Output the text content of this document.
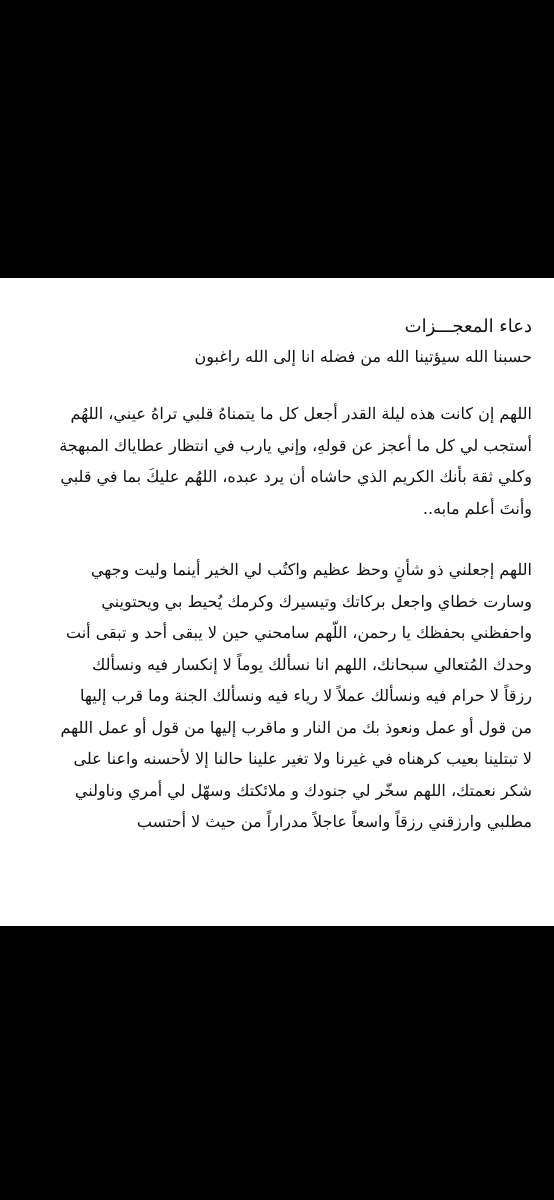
دعاء المعجـــزات

حسبنا الله سيؤتينا الله من فضله انا إلى الله راغبون

اللهم إن كانت هذه ليلة القدر أجعل كل ما يتمناهُ قلبي تراهُ عيني، اللهُم
أستجب لي كل ما أعجز عن قولهِ، وإني يارب في انتظار عطاياك المبهجة
وكلي ثقة بأنك الكريم الذي حاشاه أن يرد عبده، اللهُم عليكَ بما في قلبي
وأنتَ أعلم مابه..

اللهم إجعلني ذو شأنٍ وحظ عظيم واكتُب لي الخير أينما وليت وجهي
وسارت خطاي واجعل بركاتك وتيسيرك وكرمك يُحيط بي ويحتويني
واحفظني بحفظك يا رحمن، اللّهم سامحني حين لا يبقى أحد و تبقى أنت
وحدك المُتعالي سبحانك، اللهم انا نسألك يوماً لا إنكسار فيه ونسألك
رزقاً لا حرام فيه ونسألك عملاً لا رياء فيه ونسألك الجنة وما قرب إليها
من قول أو عمل ونعوذ بك من النار و ماقرب إليها من قول أو عمل اللهم
لا تبتلينا بعيب كرهناه في غيرنا ولا تغير علينا حالنا إلا لأحسنه واعنا على
شكر نعمتك، اللهم سخّر لي جنودك و ملائكتك وسهّل لي أمري وناولني
مطلبي وارزقني رزقاً واسعاً عاجلاً مدراراً من حيث لا أحتسب
